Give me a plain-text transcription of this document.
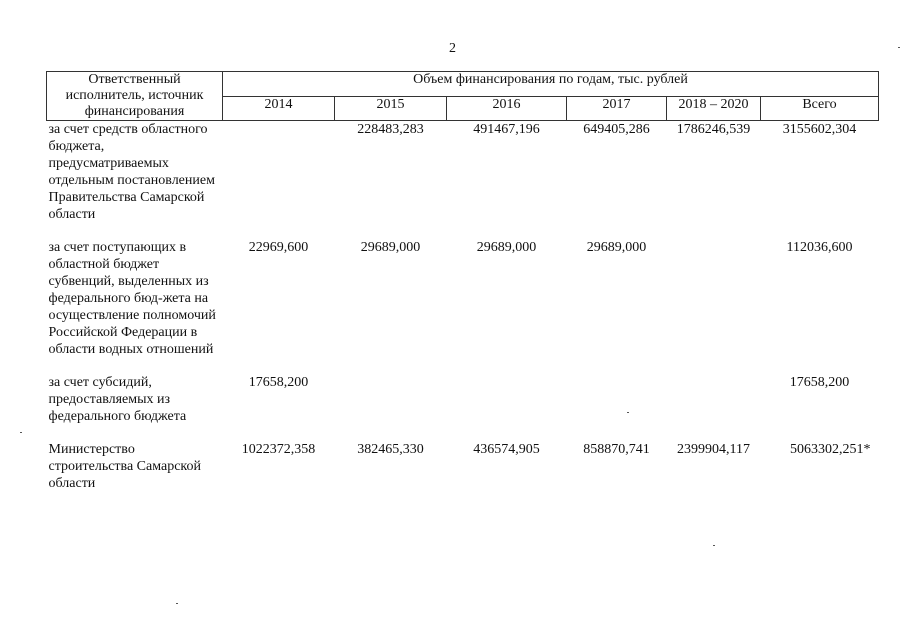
2
Ответственный исполнитель, источник финансирования	Объем финансирования по годам, тыс. рублей					
	2014	2015	2016	2017	2018 – 2020	Всего
за счет средств областного бюджета, предусматриваемых отдельным постановлением Правительства Самарской области		228483,283	491467,196	649405,286	1786246,539	3155602,304

за счет поступающих в областной бюджет субвенций, выделенных из федерального бюд-жета на осуществление полномочий Российской Федерации в области водных отношений	22969,600	29689,000	29689,000	29689,000		112036,600

за счет субсидий, предоставляемых из федерального бюджета	17658,200					17658,200

Министерство строительства Самарской области	1022372,358	382465,330	436574,905	858870,741	2399904,117	5063302,251*
